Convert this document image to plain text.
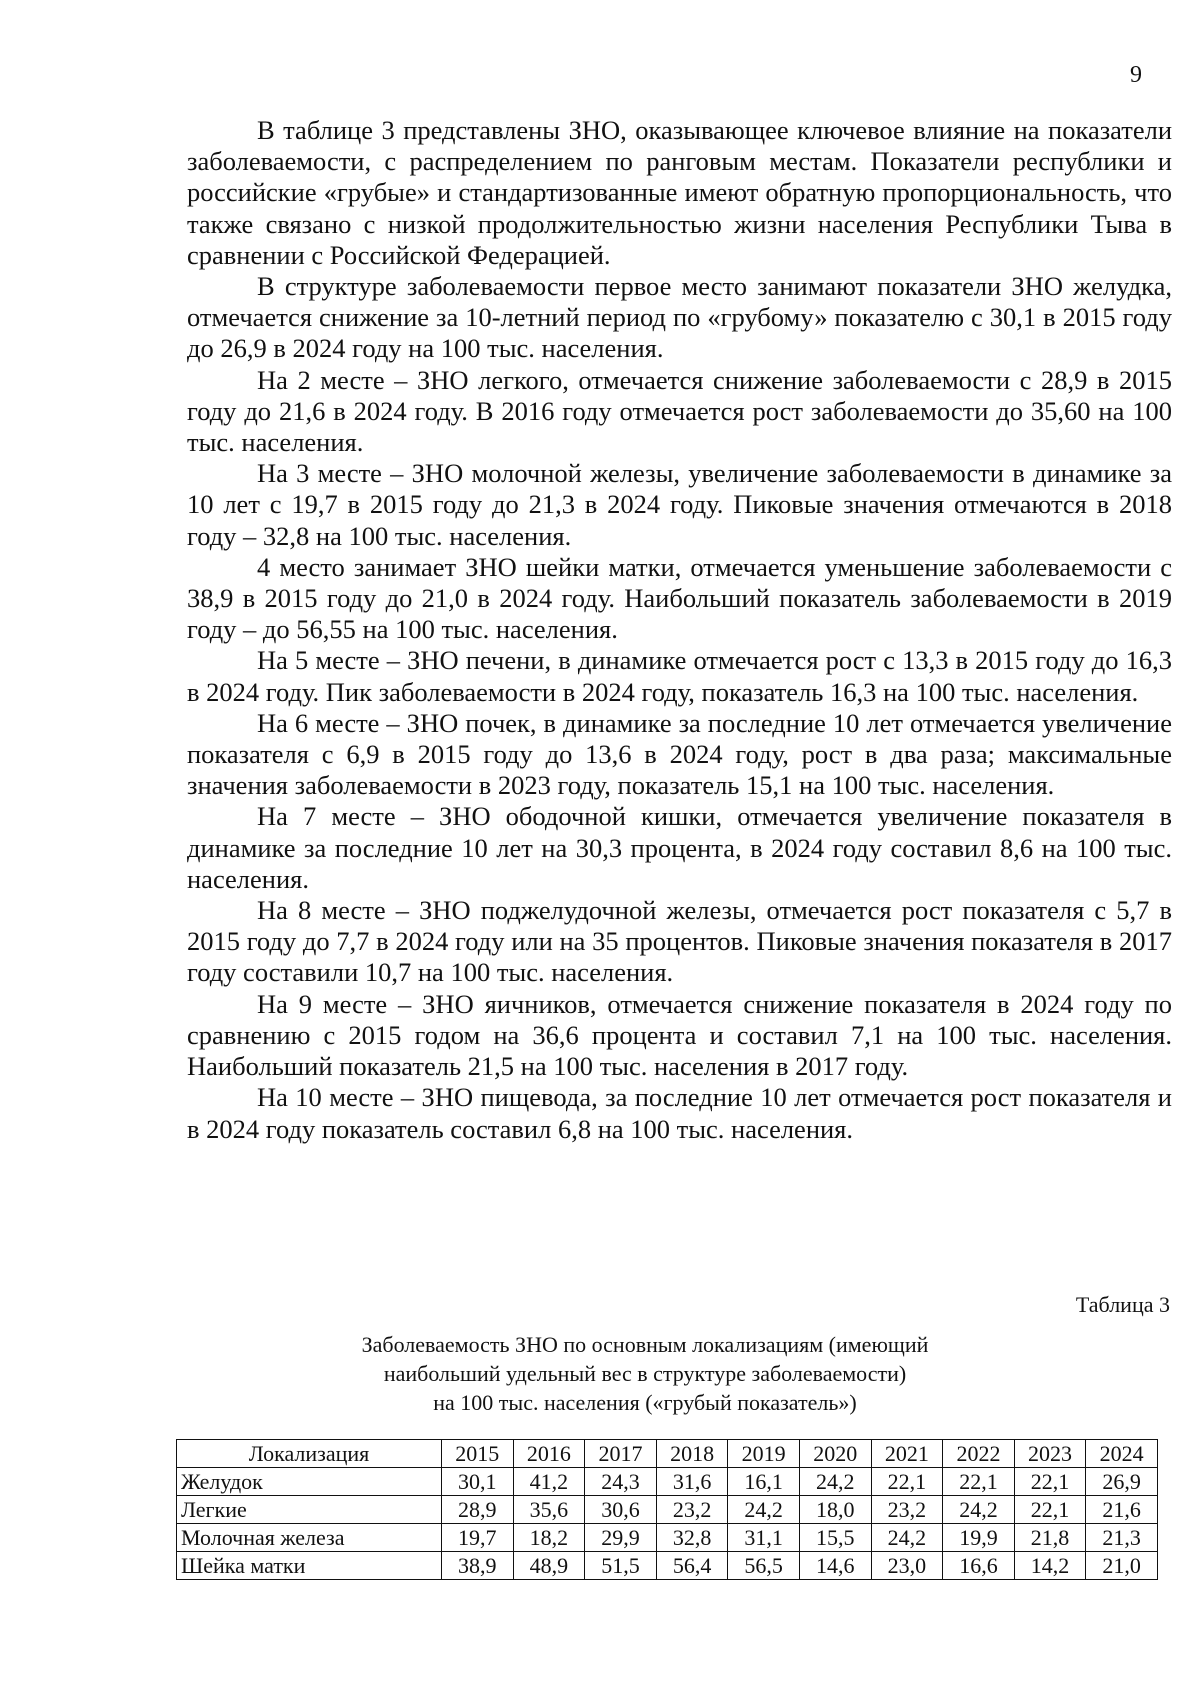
9

В таблице 3 представлены ЗНО, оказывающее ключевое влияние на показатели заболеваемости, с распределением по ранговым местам. Показатели республики и российские «грубые» и стандартизованные имеют обратную пропорциональность, что также связано с низкой продолжительностью жизни населения Республики Тыва в сравнении с Российской Федерацией.

В структуре заболеваемости первое место занимают показатели ЗНО желудка, отмечается снижение за 10-летний период по «грубому» показателю с 30,1 в 2015 году до 26,9 в 2024 году на 100 тыс. населения.

На 2 месте – ЗНО легкого, отмечается снижение заболеваемости с 28,9 в 2015 году до 21,6 в 2024 году. В 2016 году отмечается рост заболеваемости до 35,60 на 100 тыс. населения.

На 3 месте – ЗНО молочной железы, увеличение заболеваемости в динамике за 10 лет с 19,7 в 2015 году до 21,3 в 2024 году. Пиковые значения отмечаются в 2018 году – 32,8 на 100 тыс. населения.

4 место занимает ЗНО шейки матки, отмечается уменьшение заболеваемости с 38,9 в 2015 году до 21,0 в 2024 году. Наибольший показатель заболеваемости в 2019 году – до 56,55 на 100 тыс. населения.

На 5 месте – ЗНО печени, в динамике отмечается рост с 13,3 в 2015 году до 16,3 в 2024 году. Пик заболеваемости в 2024 году, показатель 16,3 на 100 тыс. населения.

На 6 месте – ЗНО почек, в динамике за последние 10 лет отмечается увеличение показателя с 6,9 в 2015 году до 13,6 в 2024 году, рост в два раза; максимальные значения заболеваемости в 2023 году, показатель 15,1 на 100 тыс. населения.

На 7 месте – ЗНО ободочной кишки, отмечается увеличение показателя в динамике за последние 10 лет на 30,3 процента, в 2024 году составил 8,6 на 100 тыс. населения.

На 8 месте – ЗНО поджелудочной железы, отмечается рост показателя с 5,7 в 2015 году до 7,7 в 2024 году или на 35 процентов. Пиковые значения показателя в 2017 году составили 10,7 на 100 тыс. населения.

На 9 месте – ЗНО яичников, отмечается снижение показателя в 2024 году по сравнению с 2015 годом на 36,6 процента и составил 7,1 на 100 тыс. населения. Наибольший показатель 21,5 на 100 тыс. населения в 2017 году.

На 10 месте – ЗНО пищевода, за последние 10 лет отмечается рост показателя и в 2024 году показатель составил 6,8 на 100 тыс. населения.

Таблица 3
Заболеваемость ЗНО по основным локализациям (имеющий
наибольший удельный вес в структуре заболеваемости)
на 100 тыс. населения («грубый показатель»)
Локализация	2015	2016	2017	2018	2019	2020	2021	2022	2023	2024
Желудок	30,1	41,2	24,3	31,6	16,1	24,2	22,1	22,1	22,1	26,9
Легкие	28,9	35,6	30,6	23,2	24,2	18,0	23,2	24,2	22,1	21,6
Молочная железа	19,7	18,2	29,9	32,8	31,1	15,5	24,2	19,9	21,8	21,3
Шейка матки	38,9	48,9	51,5	56,4	56,5	14,6	23,0	16,6	14,2	21,0
